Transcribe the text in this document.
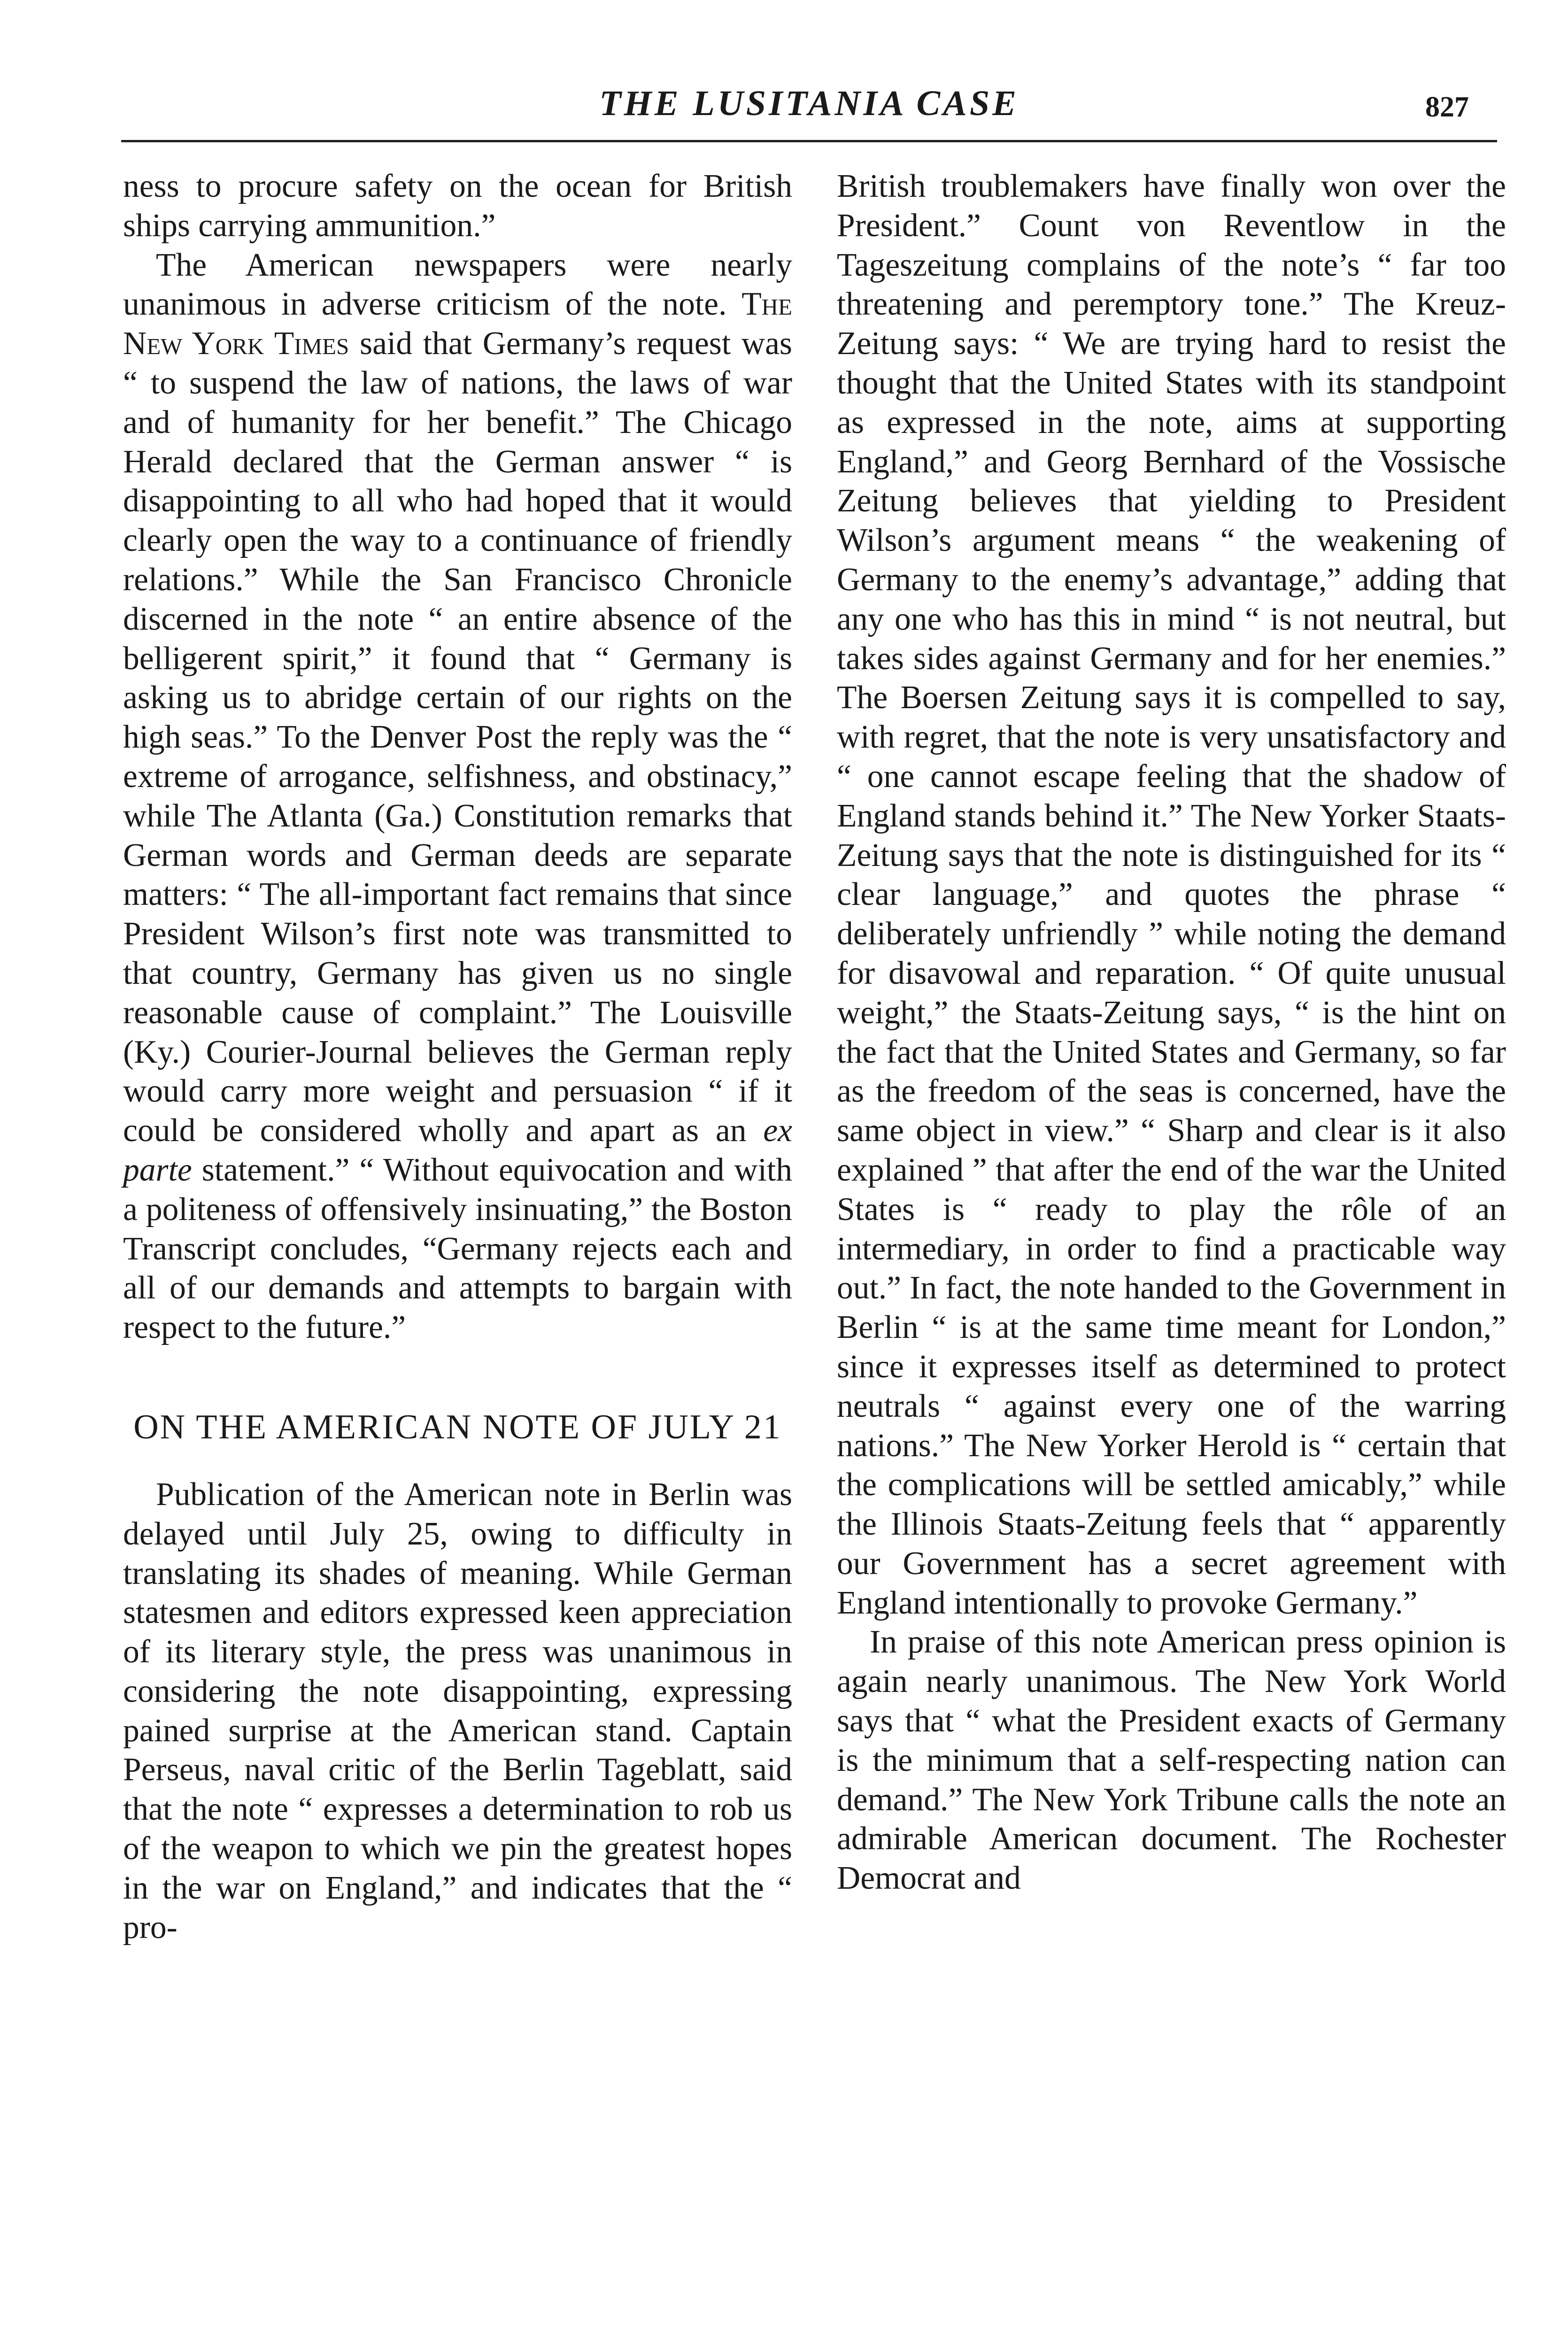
THE LUSITANIA CASE	827

ness to procure safety on the ocean for British ships carrying ammunition.”

The American newspapers were nearly unanimous in adverse criticism of the note. The New York Times said that Germany’s request was “ to suspend the law of nations, the laws of war and of humanity for her benefit.” The Chicago Herald declared that the German answer “ is disappointing to all who had hoped that it would clearly open the way to a continuance of friendly relations.” While the San Francisco Chronicle discerned in the note “ an entire absence of the belligerent spirit,” it found that “ Germany is asking us to abridge certain of our rights on the high seas.” To the Denver Post the reply was the “ extreme of arrogance, selfishness, and obstinacy,” while The Atlanta (Ga.) Constitution remarks that German words and German deeds are separate matters: “ The all-important fact remains that since President Wilson’s first note was transmitted to that country, Germany has given us no single reasonable cause of complaint.” The Louisville (Ky.) Courier-Journal believes the German reply would carry more weight and persuasion “ if it could be considered wholly and apart as an ex parte statement.” “ Without equivocation and with a politeness of offensively insinuating,” the Boston Transcript concludes, “Germany rejects each and all of our demands and attempts to bargain with respect to the future.”

ON THE AMERICAN NOTE OF JULY 21

Publication of the American note in Berlin was delayed until July 25, owing to difficulty in translating its shades of meaning. While German statesmen and editors expressed keen appreciation of its literary style, the press was unanimous in considering the note disappointing, expressing pained surprise at the American stand. Captain Perseus, naval critic of the Berlin Tageblatt, said that the note “ expresses a determination to rob us of the weapon to which we pin the greatest hopes in the war on England,” and indicates that the “ pro-

British troublemakers have finally won over the President.” Count von Reventlow in the Tageszeitung complains of the note’s “ far too threatening and peremptory tone.” The Kreuz-Zeitung says: “ We are trying hard to resist the thought that the United States with its standpoint as expressed in the note, aims at supporting England,” and Georg Bernhard of the Vossische Zeitung believes that yielding to President Wilson’s argument means “ the weakening of Germany to the enemy’s advantage,” adding that any one who has this in mind “ is not neutral, but takes sides against Germany and for her enemies.” The Boersen Zeitung says it is compelled to say, with regret, that the note is very unsatisfactory and “ one cannot escape feeling that the shadow of England stands behind it.” The New Yorker Staats-Zeitung says that the note is distinguished for its “ clear language,” and quotes the phrase “ deliberately unfriendly ” while noting the demand for disavowal and reparation. “ Of quite unusual weight,” the Staats-Zeitung says, “ is the hint on the fact that the United States and Germany, so far as the freedom of the seas is concerned, have the same object in view.” “ Sharp and clear is it also explained ” that after the end of the war the United States is “ ready to play the rôle of an intermediary, in order to find a practicable way out.” In fact, the note handed to the Government in Berlin “ is at the same time meant for London,” since it expresses itself as determined to protect neutrals “ against every one of the warring nations.” The New Yorker Herold is “ certain that the complications will be settled amicably,” while the Illinois Staats-Zeitung feels that “ apparently our Government has a secret agreement with England intentionally to provoke Germany.”

In praise of this note American press opinion is again nearly unanimous. The New York World says that “ what the President exacts of Germany is the minimum that a self-respecting nation can demand.” The New York Tribune calls the note an admirable American document. The Rochester Democrat and
